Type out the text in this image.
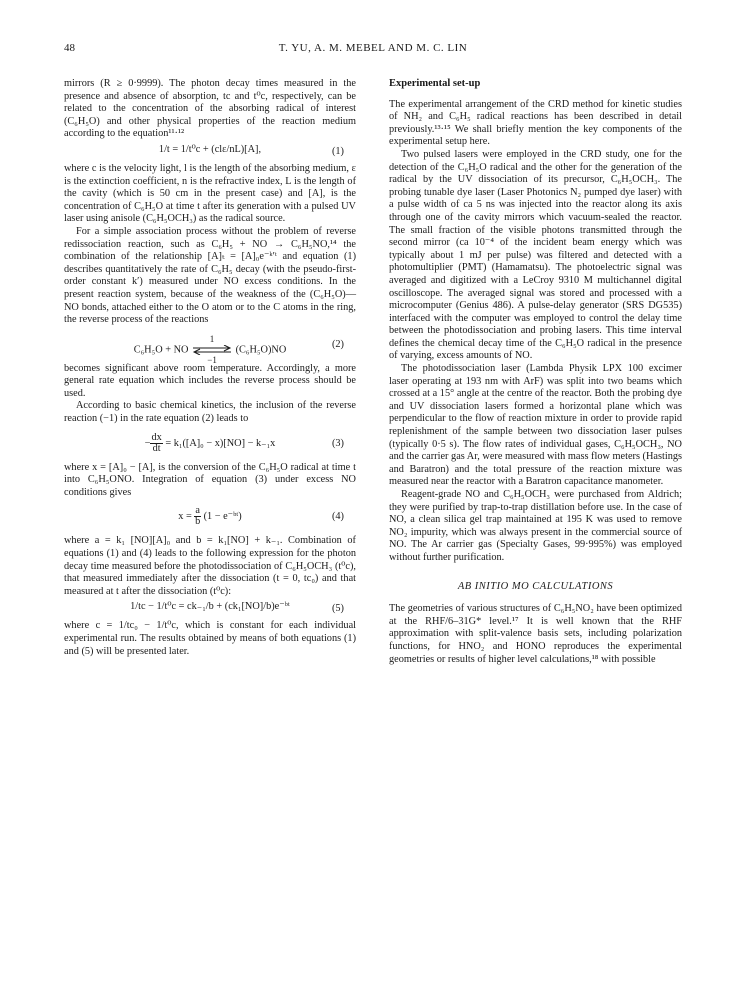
48	T. YU, A. M. MEBEL AND M. C. LIN

mirrors (R ≥ 0·9999). The photon decay times measured in the presence and absence of absorption, tc and t⁰c, respectively, can be related to the concentration of the absorbing radical of interest (C₆H₅O) and other physical properties of the reaction medium according to the equation¹¹·¹²

1/t = 1/t⁰c + (clε/nL)[A],	(1)

where c is the velocity light, l is the length of the absorbing medium, ε is the extinction coefficient, n is the refractive index, L is the length of the cavity (which is 50 cm in the present case) and [A], is the concentration of C₆H₅O at time t after its generation with a pulsed UV laser using anisole (C₆H₅OCH₃) as the radical source.

For a simple association process without the problem of reverse redissociation reaction, such as C₆H₅ + NO → C₆H₅NO,¹⁴ the combination of the relationship [A]ₜ = [A]₀e⁻ᵏ′ᵗ and equation (1) describes quantitatively the rate of C₆H₅ decay (with the pseudo-first-order constant k′) measured under NO excess conditions. In the present reaction system, because of the weakness of the (C₆H₅O)—NO bonds, attached either to the O atom or to the C atoms in the ring, the reverse process of the reactions

C₆H₅O + NO
1
−1
(C₆H₅O)NO	(2)

becomes significant above room temperature. Accordingly, a more general rate equation which includes the reverse process should be used.

According to basic chemical kinetics, the inclusion of the reverse reaction (−1) in the rate equation (2) leads to

− $\frac{dx}{dt} = k_1([A]_0 - x)[NO] - k_{-1}x$	(3)

where x = [A]₀ − [A], is the conversion of the C₆H₅O radical at time t into C₆H₅ONO. Integration of equation (3) under excess NO conditions gives

$x = \frac{a}{b} (1$ − e⁻ᵇᵗ)	(4)

where a = k₁ [NO][A]₀ and b = k₁[NO] + k₋₁. Combination of equations (1) and (4) leads to the following expression for the photon decay time measured before the photodissociation of C₆H₅OCH₃ (t⁰c), that measured immediately after the dissociation (t = 0, tc₀) and that measured at t after the dissociation (t⁰c):

1/tc − 1/t⁰c = ck₋₁/b + (ck₁[NO]/b)e⁻ᵇᵗ	(5)

where c = 1/tc₀ − 1/t⁰c, which is constant for each individual experimental run. The results obtained by means of both equations (1) and (5) will be presented later.

Experimental set-up

The experimental arrangement of the CRD method for kinetic studies of NH₂ and C₆H₅ radical reactions has been described in detail previously.¹³·¹⁵ We shall briefly mention the key components of the experimental setup here.

Two pulsed lasers were employed in the CRD study, one for the detection of the C₆H₅O radical and the other for the generation of the radical by the UV dissociation of its precursor, C₆H₅OCH₃. The probing tunable dye laser (Laser Photonics N₂ pumped dye laser) with a pulse width of ca 5 ns was injected into the reactor along its axis through one of the cavity mirrors which vacuum-sealed the reactor. The small fraction of the visible photons transmitted through the second mirror (ca 10⁻⁴ of the incident beam energy which was typically about 1 mJ per pulse) was filtered and detected with a photomultiplier (PMT) (Hamamatsu). The photoelectric signal was averaged and digitized with a LeCroy 9310 M multichannel digital oscilloscope. The averaged signal was stored and processed with a microcomputer (Genius 486). A pulse-delay generator (SRS DG535) interfaced with the computer was employed to control the delay time between the photodissociation and probing lasers. This time interval defines the chemical decay time of the C₆H₅O radical in the presence of varying, excess amounts of NO.

The photodissociation laser (Lambda Physik LPX 100 excimer laser operating at 193 nm with ArF) was split into two beams which crossed at a 15° angle at the centre of the reactor. Both the probing dye and UV dissociation lasers formed a horizontal plane which was perpendicular to the flow of reaction mixture in order to provide rapid replenishment of the sample between two dissociation laser pulses (typically 0·5 s). The flow rates of individual gases, C₆H₅OCH₃, NO and the carrier gas Ar, were measured with mass flow meters (Hastings and Baratron) and the total pressure of the reaction mixture was measured near the reactor with a Baratron capacitance manometer.

Reagent-grade NO and C₆H₅OCH₃ were purchased from Aldrich; they were purified by trap-to-trap distillation before use. In the case of NO, a clean silica gel trap maintained at 195 K was used to remove NO₂ impurity, which was always present in the commercial source of NO. The Ar carrier gas (Specialty Gases, 99·995%) was employed without further purification.

AB INITIO MO CALCULATIONS

The geometries of various structures of C₆H₅NO₂ have been optimized at the RHF/6–31G* level.¹⁷ It is well known that the RHF approximation with split-valence basis sets, including polarization functions, for HNO₂ and HONO reproduces the experimental geometries or results of higher level calculations,¹⁸ with possible
